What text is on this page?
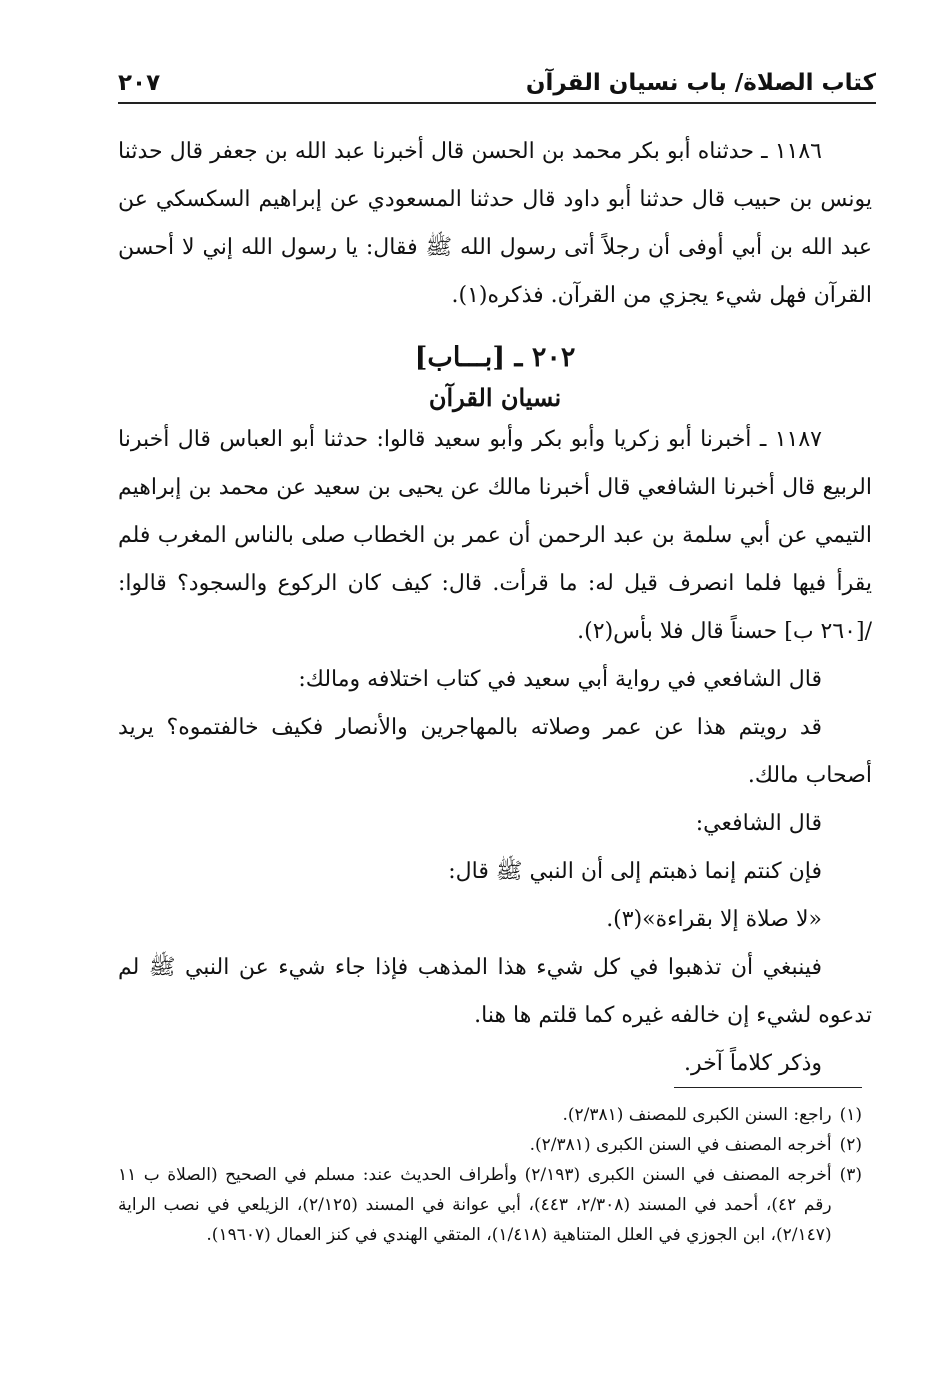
كتاب الصلاة/ باب نسيان القرآن
٢٠٧

١١٨٦ ـ حدثناه أبو بكر محمد بن الحسن قال أخبرنا عبد الله بن جعفر قال حدثنا يونس بن حبيب قال حدثنا أبو داود قال حدثنا المسعودي عن إبراهيم السكسكي عن عبد الله بن أبي أوفى أن رجلاً أتى رسول الله ﷺ فقال: يا رسول الله إني لا أحسن القرآن فهل شيء يجزي من القرآن. فذكره(١).

٢٠٢ ـ [بـــاب]
نسيان القرآن

١١٨٧ ـ أخبرنا أبو زكريا وأبو بكر وأبو سعيد قالوا: حدثنا أبو العباس قال أخبرنا الربيع قال أخبرنا الشافعي قال أخبرنا مالك عن يحيى بن سعيد عن محمد بن إبراهيم التيمي عن أبي سلمة بن عبد الرحمن أن عمر بن الخطاب صلى بالناس المغرب فلم يقرأ فيها فلما انصرف قيل له: ما قرأت. قال: كيف كان الركوع والسجود؟ قالوا: /[٢٦٠ ب] حسناً قال فلا بأس(٢).

قال الشافعي في رواية أبي سعيد في كتاب اختلافه ومالك:

قد رويتم هذا عن عمر وصلاته بالمهاجرين والأنصار فكيف خالفتموه؟ يريد أصحاب مالك.

قال الشافعي:

فإن كنتم إنما ذهبتم إلى أن النبي ﷺ قال:

«لا صلاة إلا بقراءة»(٣).

فينبغي أن تذهبوا في كل شيء هذا المذهب فإذا جاء شيء عن النبي ﷺ لم تدعوه لشيء إن خالفه غيره كما قلتم ها هنا.

وذكر كلاماً آخر.

(١)
راجع: السنن الكبرى للمصنف (٢/٣٨١).
(٢)
أخرجه المصنف في السنن الكبرى (٢/٣٨١).
(٣)
أخرجه المصنف في السنن الكبرى (٢/١٩٣) وأطراف الحديث عند: مسلم في الصحيح (الصلاة ب ١١ رقم ٤٢)، أحمد في المسند (٢/٣٠٨، ٤٤٣)، أبي عوانة في المسند (٢/١٢٥)، الزيلعي في نصب الراية (٢/١٤٧)، ابن الجوزي في العلل المتناهية (١/٤١٨)، المتقي الهندي في كنز العمال (١٩٦٠٧).
